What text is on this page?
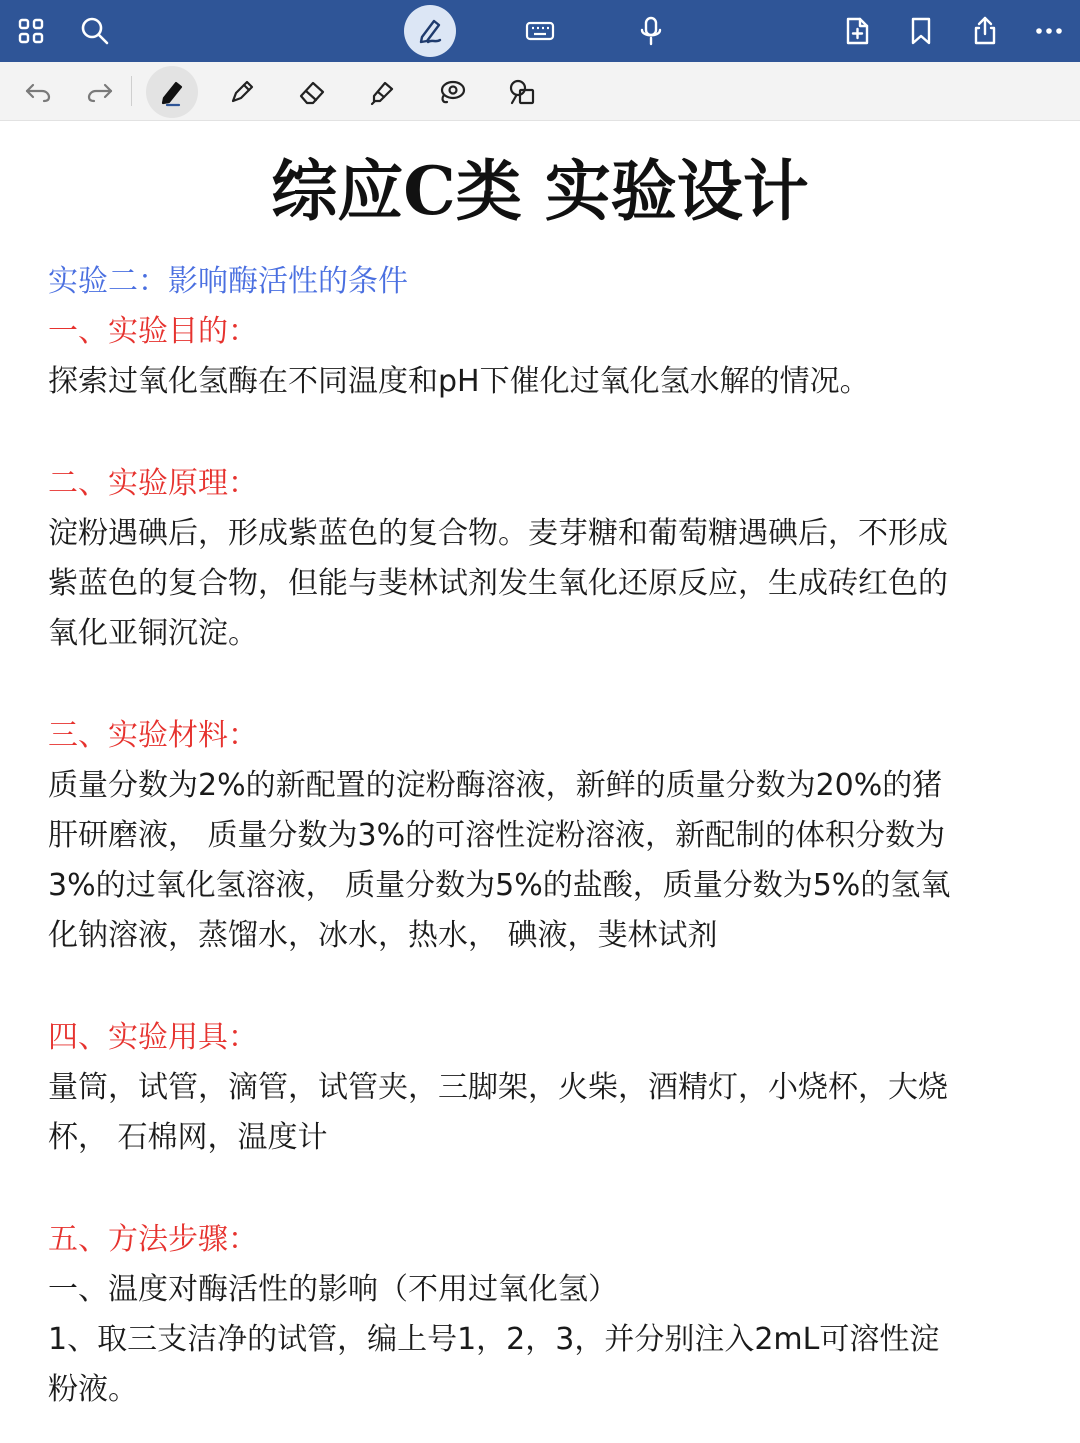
综应C类 实验设计
实验二：影响酶活性的条件
一、实验目的：
探索过氧化氢酶在不同温度和pH下催化过氧化氢水解的情况。
二、实验原理：
淀粉遇碘后，形成紫蓝色的复合物。麦芽糖和葡萄糖遇碘后，不形成
紫蓝色的复合物，但能与斐林试剂发生氧化还原反应，生成砖红色的
氧化亚铜沉淀。
三、实验材料：
质量分数为2%的新配置的淀粉酶溶液，新鲜的质量分数为20%的猪
肝研磨液， 质量分数为3%的可溶性淀粉溶液，新配制的体积分数为
3%的过氧化氢溶液， 质量分数为5%的盐酸，质量分数为5%的氢氧
化钠溶液，蒸馏水，冰水，热水， 碘液，斐林试剂
四、实验用具：
量筒，试管，滴管，试管夹，三脚架，火柴，酒精灯，小烧杯，大烧
杯， 石棉网，温度计
五、方法步骤：
一、温度对酶活性的影响（不用过氧化氢）
1、取三支洁净的试管，编上号1，2，3，并分别注入2mL可溶性淀
粉液。
